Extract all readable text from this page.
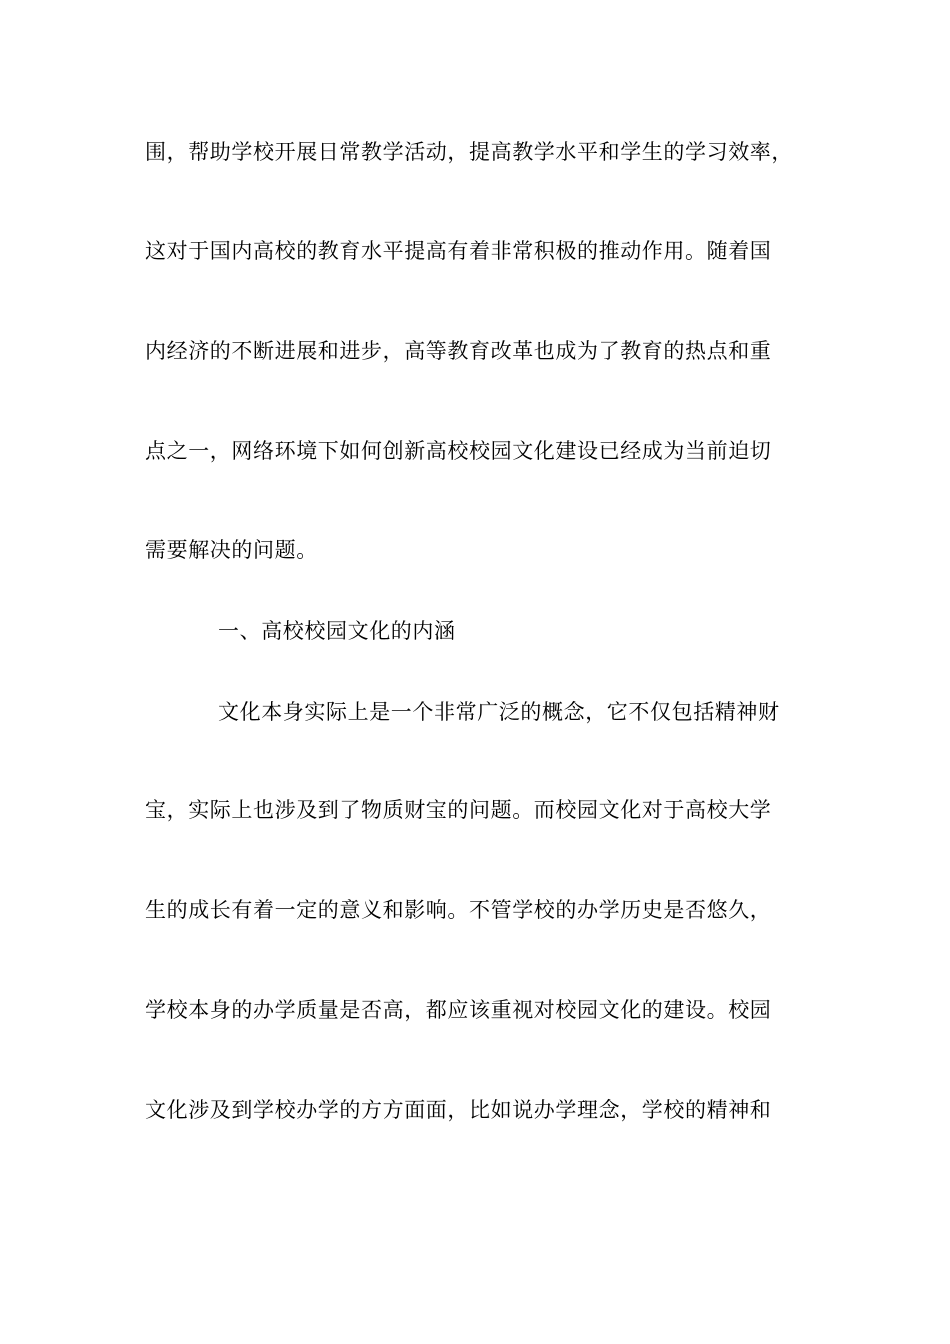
围，帮助学校开展日常教学活动，提高教学水平和学生的学习效率，
这对于国内高校的教育水平提高有着非常积极的推动作用。随着国
内经济的不断进展和进步，高等教育改革也成为了教育的热点和重
点之一，网络环境下如何创新高校校园文化建设已经成为当前迫切
需要解决的问题。
一、高校校园文化的内涵
文化本身实际上是一个非常广泛的概念，它不仅包括精神财
宝，实际上也涉及到了物质财宝的问题。而校园文化对于高校大学
生的成长有着一定的意义和影响。不管学校的办学历史是否悠久，
学校本身的办学质量是否高，都应该重视对校园文化的建设。校园
文化涉及到学校办学的方方面面，比如说办学理念，学校的精神和
